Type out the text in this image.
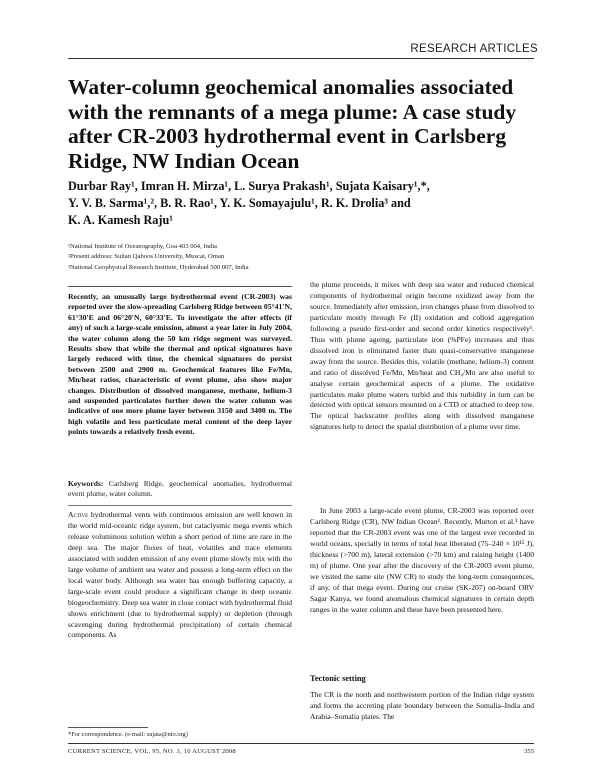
RESEARCH ARTICLES
Water-column geochemical anomalies associated with the remnants of a mega plume: A case study after CR-2003 hydrothermal event in Carlsberg Ridge, NW Indian Ocean
Durbar Ray¹, Imran H. Mirza¹, L. Surya Prakash¹, Sujata Kaisary¹,*,
Y. V. B. Sarma¹,², B. R. Rao¹, Y. K. Somayajulu¹, R. K. Drolia³ and
K. A. Kamesh Raju¹
¹National Institute of Oceanography, Goa 403 004, India
²Present address: Sultan Qaboos University, Muscat, Oman
³National Geophysical Research Institute, Hyderabad 500 007, India
Recently, an unusually large hydrothermal event (CR-2003) was reported over the slow-spreading Carlsberg Ridge between 05°41′N, 61°30′E and 06°20′N, 60°33′E. To investigate the after effects (if any) of such a large-scale emission, almost a year later in July 2004, the water column along the 50 km ridge segment was surveyed. Results show that while the thermal and optical signatures have largely reduced with time, the chemical signatures do persist between 2500 and 2900 m. Geochemical features like Fe/Mn, Mn/heat ratios, characteristic of event plume, also show major changes. Distribution of dissolved manganese, methane, helium-3 and suspended particulates further down the water column was indicative of one more plume layer between 3150 and 3400 m. The high volatile and less particulate metal content of the deep layer points towards a relatively fresh event.
Keywords: Carlsberg Ridge, geochemical anomalies, hydrothermal event plume, water column.
Active hydrothermal vents with continuous emission are well known in the world mid-oceanic ridge system, but cataclysmic mega events which release voluminous solution within a short period of time are rare in the deep sea. The major fluxes of heat, volatiles and trace elements associated with sudden emission of any event plume slowly mix with the large volume of ambient sea water and possess a long-term effect on the local water body. Although sea water has enough buffering capacity, a large-scale event could produce a significant change in deep oceanic biogeochemistry. Deep sea water in close contact with hydrothermal fluid shows enrichment (due to hydrothermal supply) or depletion (through scavenging during hydrothermal precipitation) of certain chemical components. As
the plume proceeds, it mixes with deep sea water and reduced chemical components of hydrothermal origin become oxidized away from the source. Immediately after emission, iron changes phase from dissolved to particulate mostly through Fe (II) oxidation and colloid aggregation following a pseudo first-order and second order kinetics respectively¹. Thus with plume ageing, particulate iron (%PFe) increases and thus dissolved iron is eliminated faster than quasi-conservative manganese away from the source. Besides this, volatile (methane, helium-3) content and ratio of dissolved Fe/Mn, Mn/heat and CH₄/Mn are also useful to analyse certain geochemical aspects of a plume. The oxidative particulates make plume waters turbid and this turbidity in turn can be detected with optical sensors mounted on a CTD or attached to deep tow. The optical backscatter profiles along with dissolved manganese signatures help to detect the spatial distribution of a plume over time.
In June 2003 a large-scale event plume, CR-2003 was reported over Carlsberg Ridge (CR), NW Indian Ocean². Recently, Murton et al.³ have reported that the CR-2003 event was one of the largest ever recorded in world oceans, specially in terms of total heat liberated (75–240 × 10¹⁵ J), thickness (>700 m), lateral extension (>70 km) and raising height (1400 m) of plume. One year after the discovery of the CR-2003 event plume, we visited the same site (NW CR) to study the long-term consequences, if any, of that mega event. During our cruise (SK-207) on-board ORV Sagar Kanya, we found anomalous chemical signatures in certain depth ranges in the water column and these have been presented here.
Tectonic setting
The CR is the north and northwestern portion of the Indian ridge system and forms the accreting plate boundary between the Somalia–India and Arabia–Somalia plates. The
*For correspondence. (e-mail: sujata@nio.org)
CURRENT SCIENCE, VOL. 95, NO. 3, 10 AUGUST 2008	355
